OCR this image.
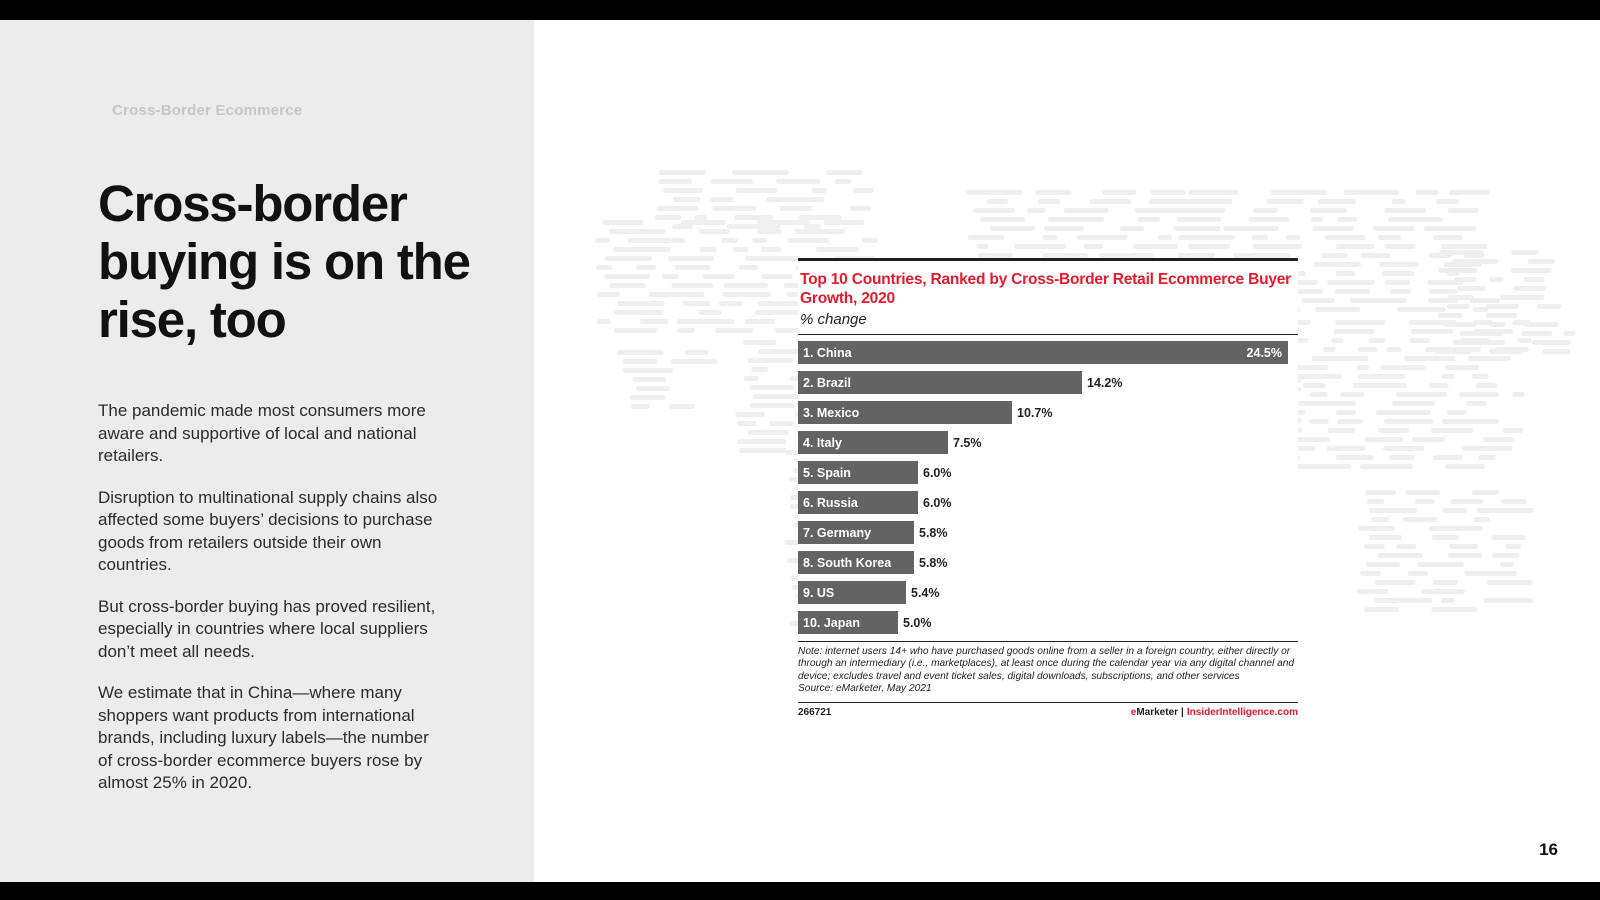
Cross-Border Ecommerce
Cross-border buying is on the rise, too

The pandemic made most consumers more aware and supportive of local and national retailers.

Disruption to multinational supply chains also affected some buyers’ decisions to purchase goods from retailers outside their own countries.

But cross-border buying has proved resilient, especially in countries where local suppliers don’t meet all needs.

We estimate that in China—where many shoppers want products from international brands, including luxury labels—the number of cross-border ecommerce buyers rose by almost 25% in 2020.

Top 10 Countries, Ranked by Cross-Border Retail Ecommerce Buyer Growth, 2020
% change
1. China	24.5%
2. Brazil	14.2%
3. Mexico	10.7%
4. Italy	7.5%
5. Spain	6.0%
6. Russia	6.0%
7. Germany	5.8%
8. South Korea 5.8%
9. US	5.4%
10. Japan	5.0%
Note: internet users 14+ who have purchased goods online from a seller in a foreign country, either directly or through an intermediary (i.e., marketplaces), at least once during the calendar year via any digital channel and device; excludes travel and event ticket sales, digital downloads, subscriptions, and other services
Source: eMarketer, May 2021
266721	eMarketer | InsiderIntelligence.com
16
